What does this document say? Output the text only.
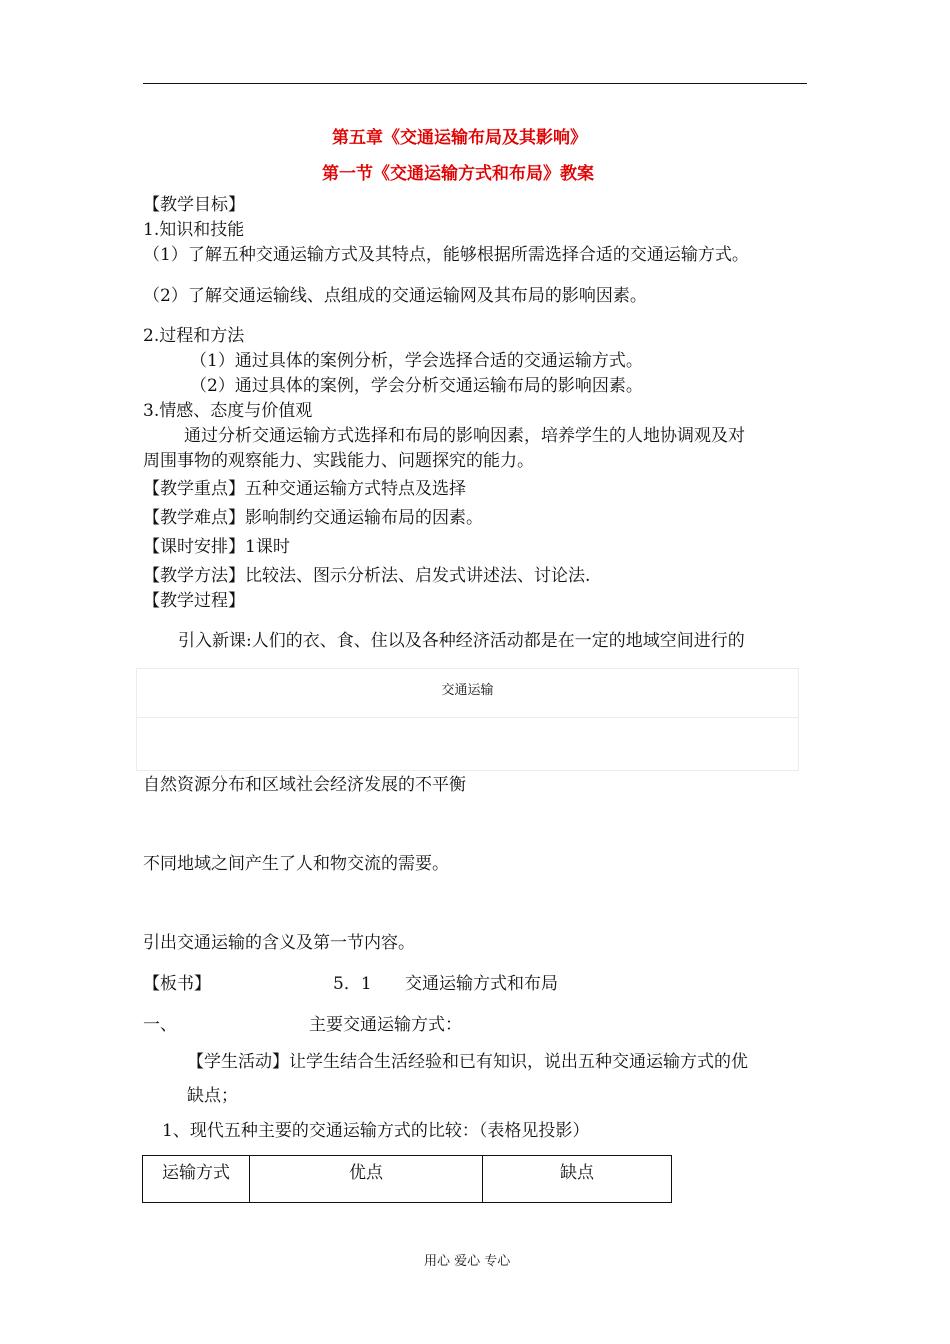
第五章《交通运输布局及其影响》
第一节《交通运输方式和布局》教案
【教学目标】
1.知识和技能
（1）了解五种交通运输方式及其特点，能够根据所需选择合适的交通运输方式。
（2）了解交通运输线、点组成的交通运输网及其布局的影响因素。
2.过程和方法
（1）通过具体的案例分析，学会选择合适的交通运输方式。
（2）通过具体的案例，学会分析交通运输布局的影响因素。
3.情感、态度与价值观
通过分析交通运输方式选择和布局的影响因素，培养学生的人地协调观及对
周围事物的观察能力、实践能力、问题探究的能力。
【教学重点】五种交通运输方式特点及选择
【教学难点】影响制约交通运输布局的因素。
【课时安排】1课时
【教学方法】比较法、图示分析法、启发式讲述法、讨论法.
【教学过程】
引入新课:人们的衣、食、住以及各种经济活动都是在一定的地域空间进行的
交通运输
自然资源分布和区域社会经济发展的不平衡
不同地域之间产生了人和物交流的需要。
引出交通运输的含义及第一节内容。
【板书】	5．1 交通运输方式和布局
一、	主要交通运输方式：
【学生活动】让学生结合生活经验和已有知识，说出五种交通运输方式的优
缺点；
1、现代五种主要的交通运输方式的比较：（表格见投影）
运输方式	优点	缺点
用心 爱心 专心
